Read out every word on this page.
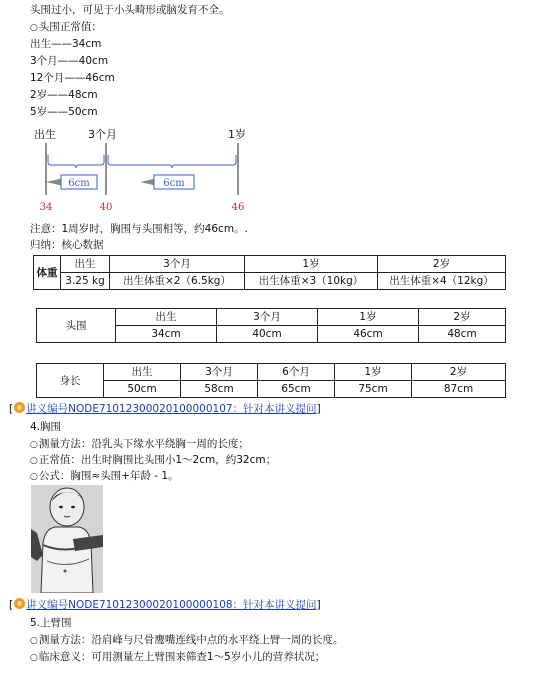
头围过小，可见于小头畸形或脑发育不全。
○ 头围正常值：
出生——34cm
3个月——40cm
12个月——46cm
2岁——48cm
5岁——50cm
出生	3个月	1岁
6cm	6cm
34	40	46
注意：1周岁时，胸围与头围相等，约46cm。.
归纳：核心数据
体重	出生	3个月	1岁	2岁
	3.25 kg	出生体重×2（6.5kg）	出生体重×3（10kg）	出生体重×4（12kg）
头围	出生	3个月	1岁	2岁
	34cm	40cm	46cm	48cm
身长	出生	3个月	6个月	1岁	2岁
	50cm	58cm	65cm	75cm	87cm
[ 讲义编号NODE71012300020100000107：针对本讲义提问]
4.胸围
○ 测量方法：沿乳头下缘水平绕胸一周的长度；
○ 正常值：出生时胸围比头围小1～2cm，约32cm；
○ 公式：胸围≈头围+年龄 - 1。
[ 讲义编号NODE71012300020100000108：针对本讲义提问]
5.上臂围
○ 测量方法：沿肩峰与尺骨鹰嘴连线中点的水平绕上臂一周的长度。
○ 临床意义：可用测量左上臂围来筛查1～5岁小儿的营养状况；
